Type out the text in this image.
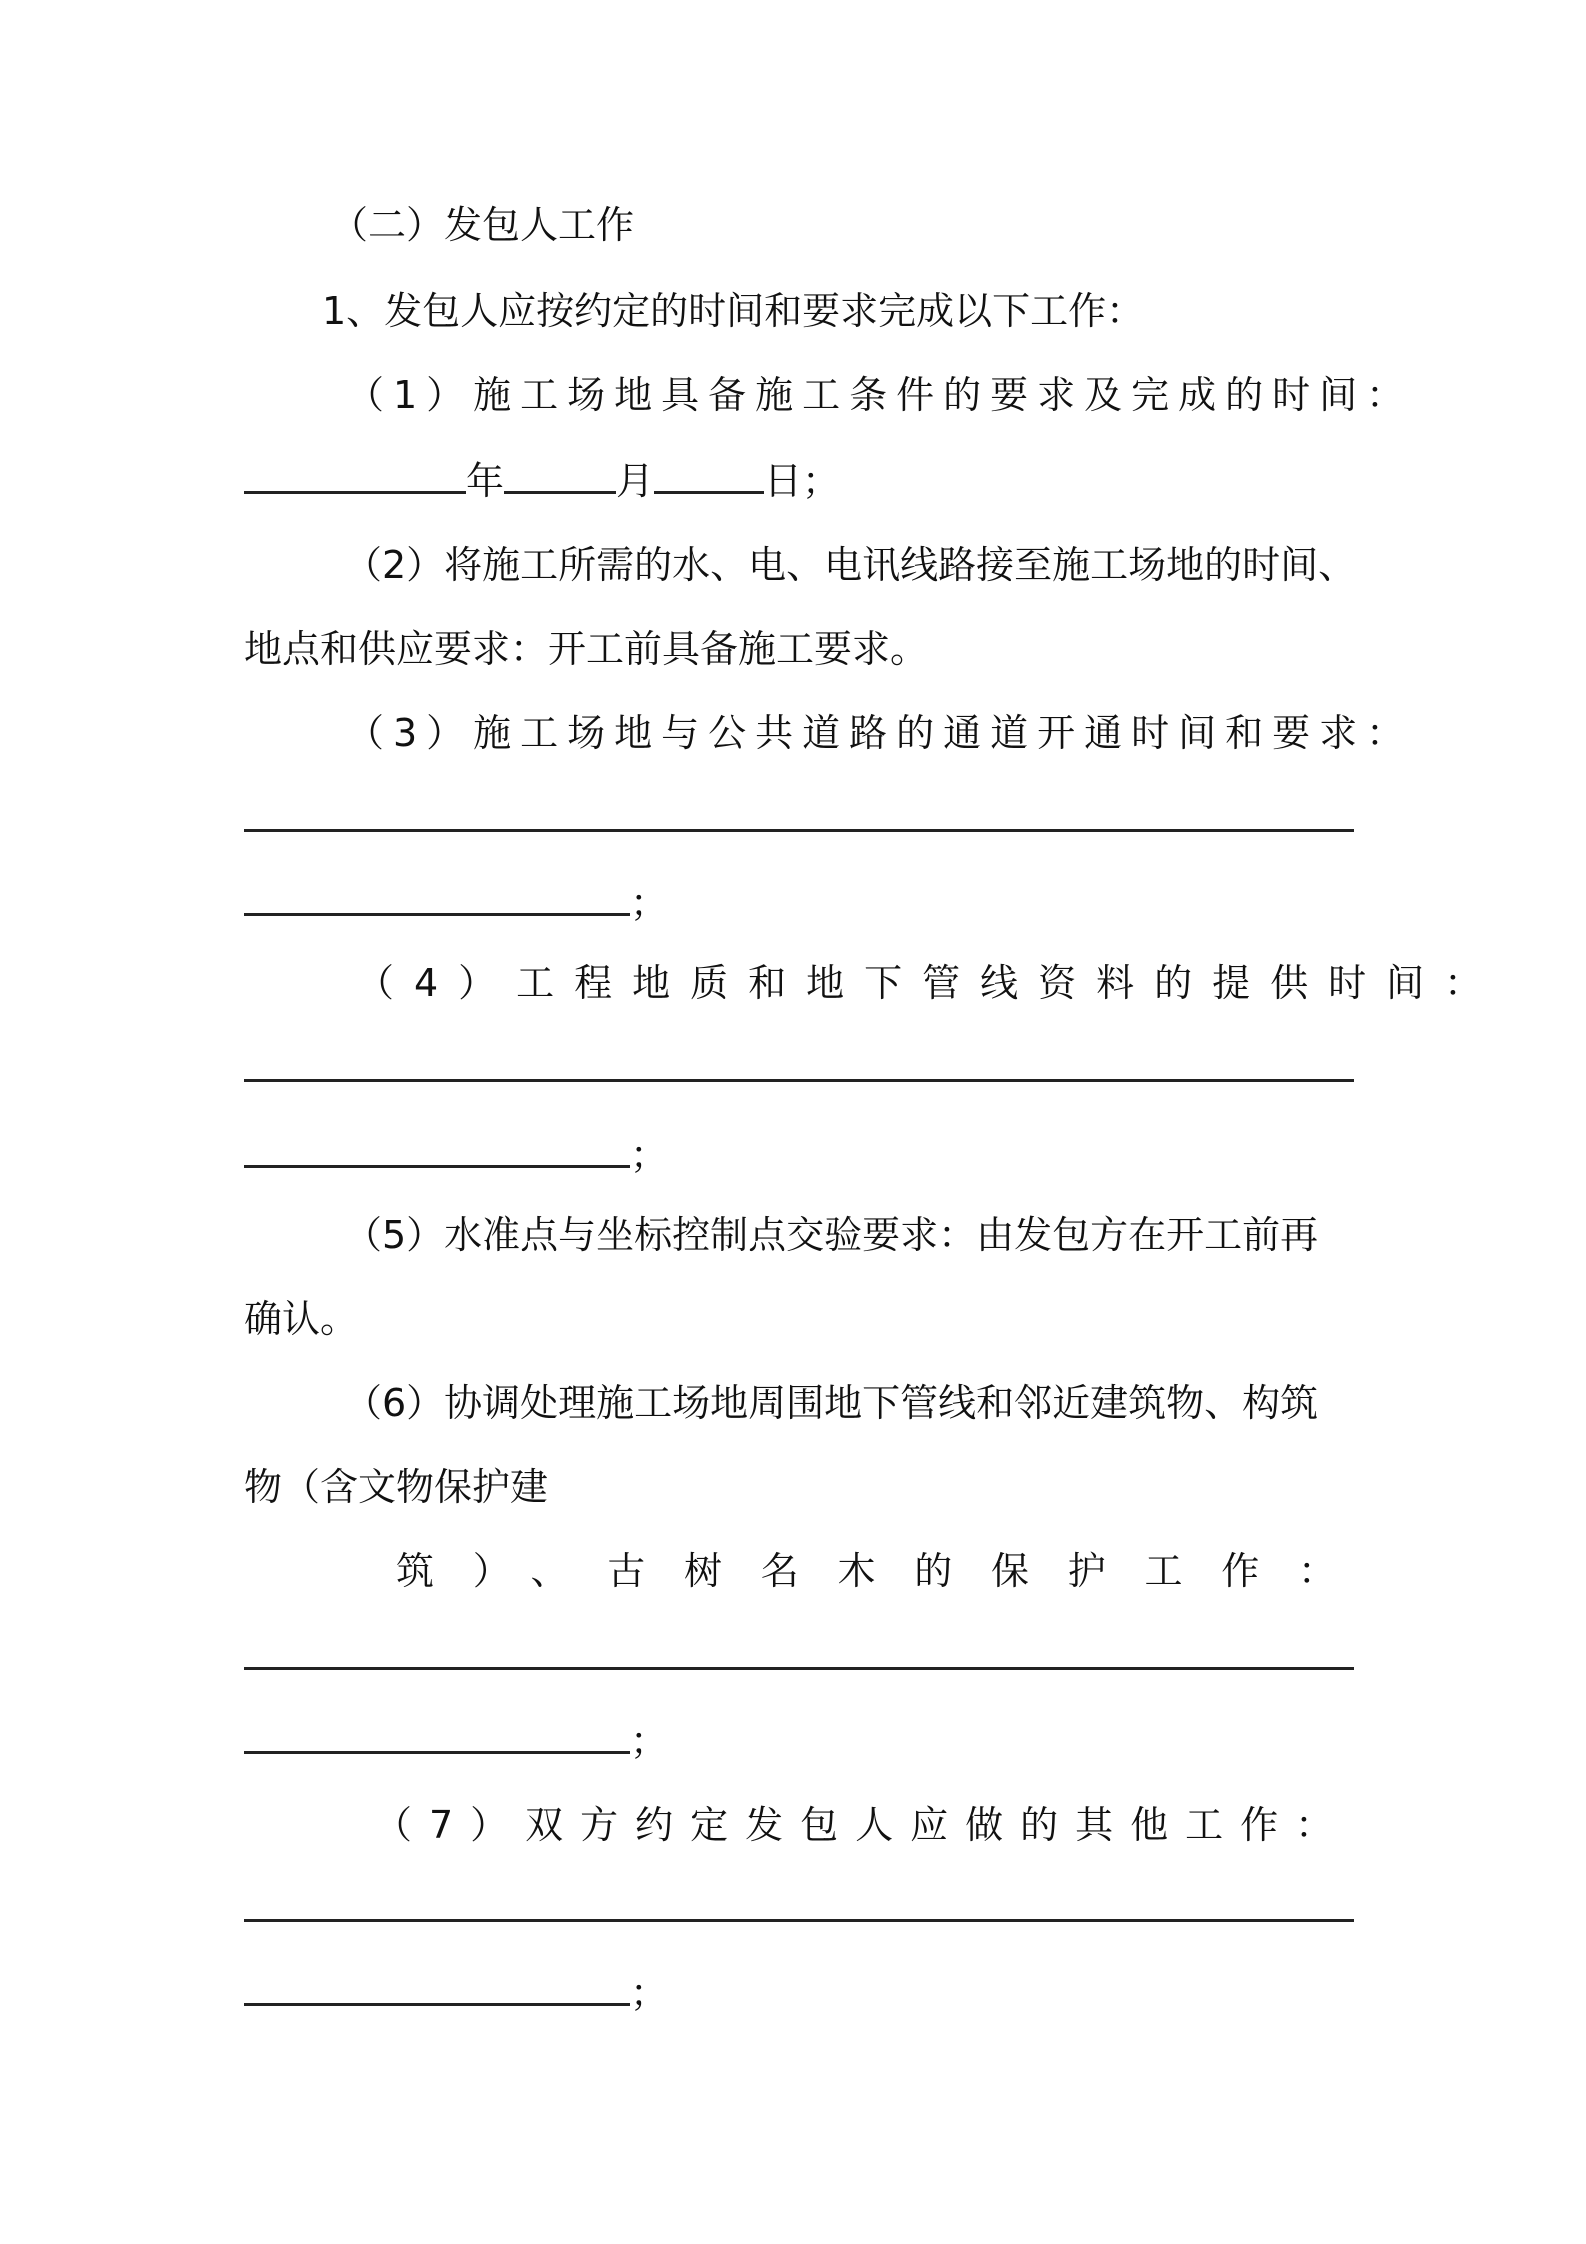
（二）发包人工作

1、发包人应按约定的时间和要求完成以下工作：

（1）施工场地具备施工条件的要求及完成的时间：

年	月	日；

（2）将施工所需的水、电、电讯线路接至施工场地的时间、

地点和供应要求：开工前具备施工要求。

（3）施工场地与公共道路的通道开通时间和要求：

；

（4）工程地质和地下管线资料的提供时间：

；

（5）水准点与坐标控制点交验要求：由发包方在开工前再

确认。

（6）协调处理施工场地周围地下管线和邻近建筑物、构筑

物（含文物保护建

筑）、古树名木的保护工作：

；

（7）双方约定发包人应做的其他工作：

；
